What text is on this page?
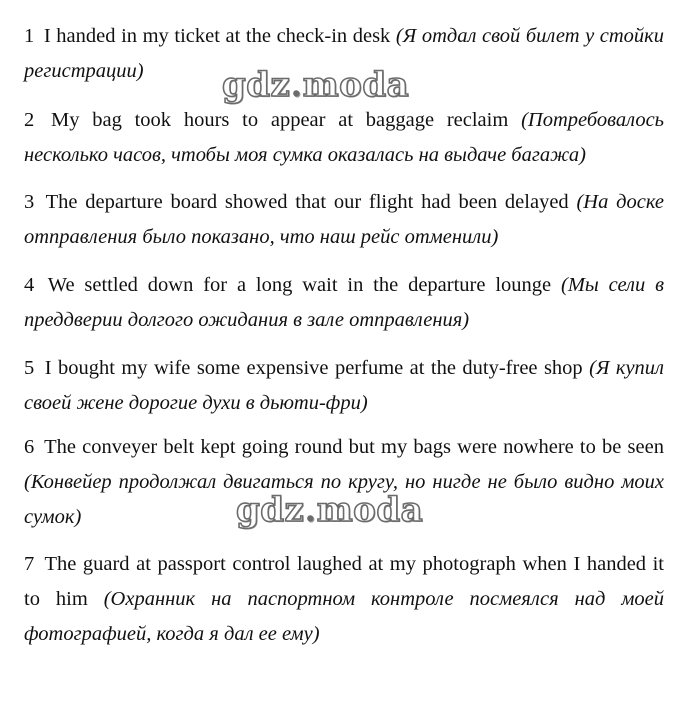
1 I handed in my ticket at the check-in desk (Я отдал свой билет у стойки регистрации)

2 My bag took hours to appear at baggage reclaim (Потребовалось несколько часов, чтобы моя сумка оказалась на выдаче багажа)

3 The departure board showed that our flight had been delayed (На доске отправления было показано, что наш рейс отменили)

4 We settled down for a long wait in the departure lounge (Мы сели в преддверии долгого ожидания в зале отправления)

5 I bought my wife some expensive perfume at the duty-free shop (Я купил своей жене дорогие духи в дьюти-фри)

6 The conveyer belt kept going round but my bags were nowhere to be seen (Конвейер продолжал двигаться по кругу, но нигде не было видно моих сумок)

7 The guard at passport control laughed at my photograph when I handed it to him (Охранник на паспортном контроле посмеялся над моей фотографией, когда я дал ее ему)

gdz.moda
gdz.moda
